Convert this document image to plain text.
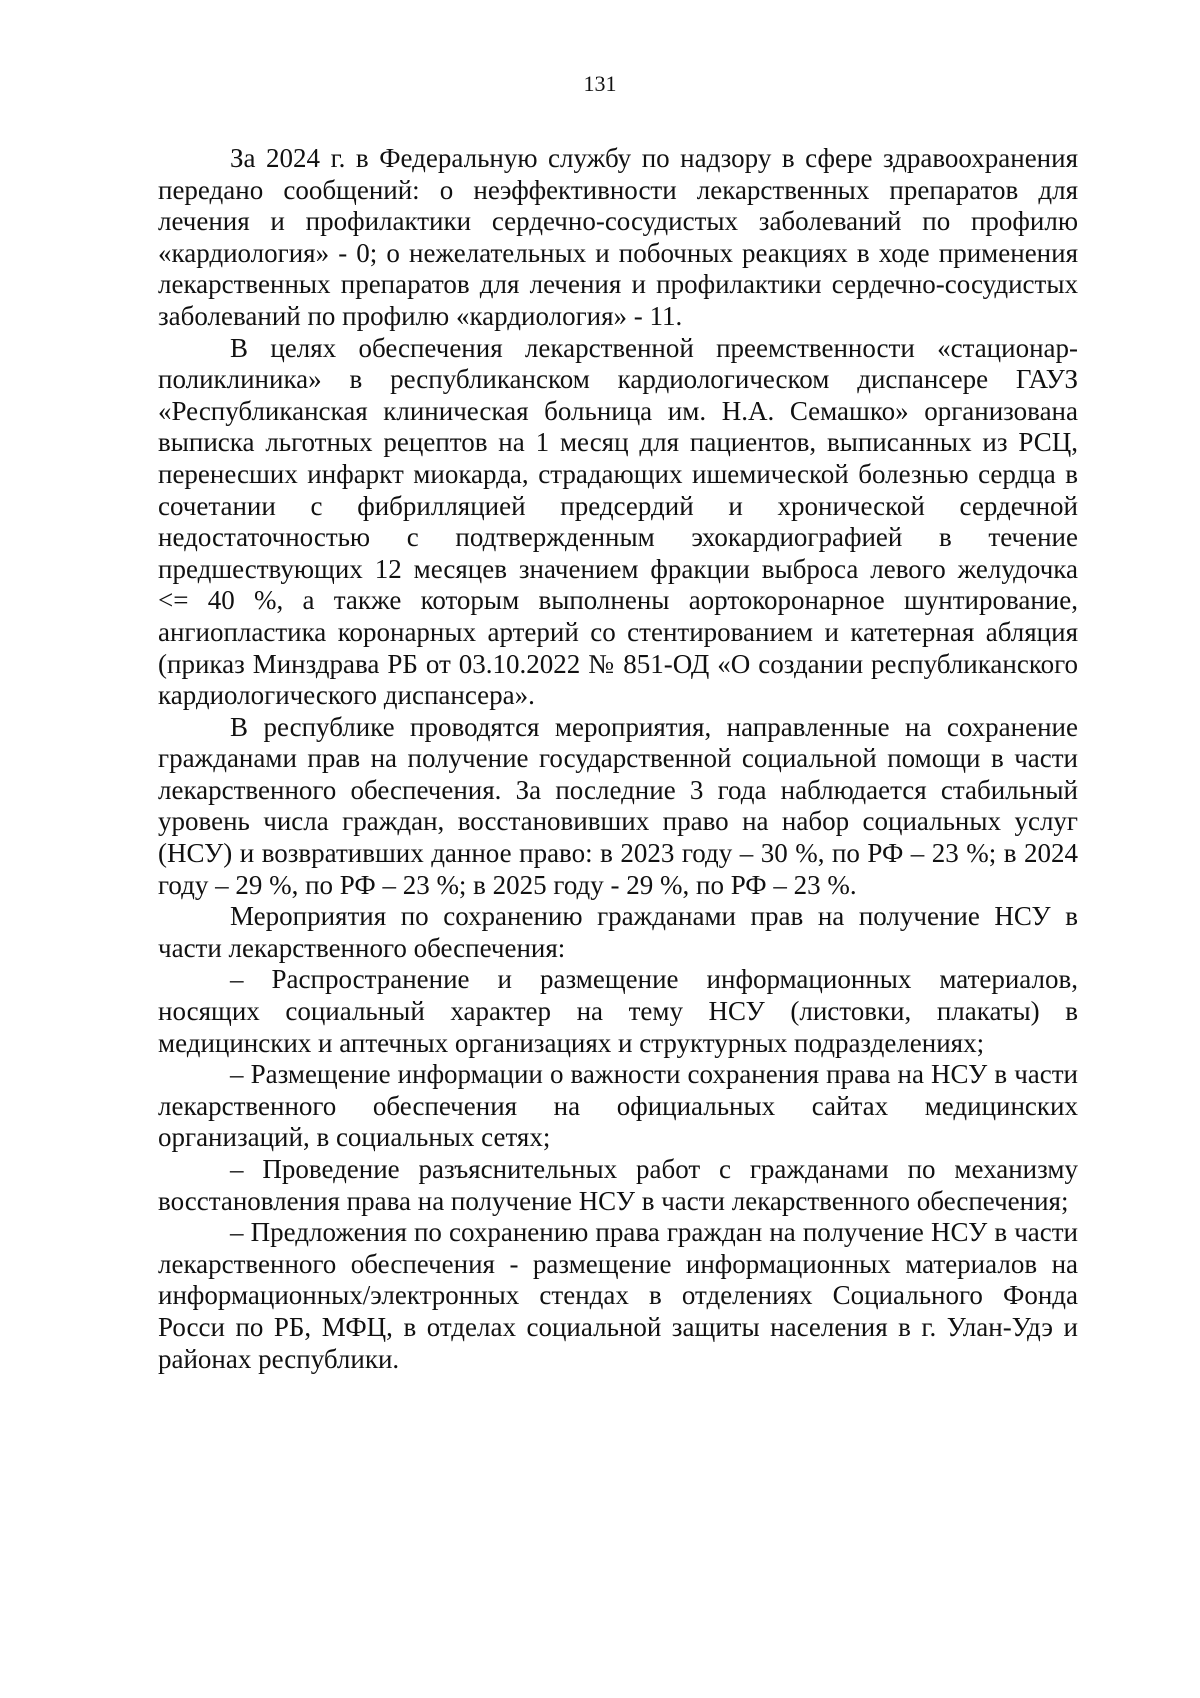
131

За 2024 г. в Федеральную службу по надзору в сфере здравоохранения передано сообщений: о неэффективности лекарственных препаратов для лечения и профилактики сердечно-сосудистых заболеваний по профилю «кардиология» - 0; о нежелательных и побочных реакциях в ходе применения лекарственных препаратов для лечения и профилактики сердечно-сосудистых заболеваний по профилю «кардиология» - 11.

В целях обеспечения лекарственной преемственности «стационар-поликлиника» в республиканском кардиологическом диспансере ГАУЗ «Республиканская клиническая больница им. Н.А. Семашко» организована выписка льготных рецептов на 1 месяц для пациентов, выписанных из РСЦ, перенесших инфаркт миокарда, страдающих ишемической болезнью сердца в сочетании с фибрилляцией предсердий и хронической сердечной недостаточностью с подтвержденным эхокардиографией в течение предшествующих 12 месяцев значением фракции выброса левого желудочка <= 40 %, а также которым выполнены аортокоронарное шунтирование, ангиопластика коронарных артерий со стентированием и катетерная абляция (приказ Минздрава РБ от 03.10.2022 № 851-ОД «О создании республиканского кардиологического диспансера».

В республике проводятся мероприятия, направленные на сохранение гражданами прав на получение государственной социальной помощи в части лекарственного обеспечения. За последние 3 года наблюдается стабильный уровень числа граждан, восстановивших право на набор социальных услуг (НСУ) и возвративших данное право: в 2023 году – 30 %, по РФ – 23 %; в 2024 году – 29 %, по РФ – 23 %; в 2025 году - 29 %, по РФ – 23 %.

Мероприятия по сохранению гражданами прав на получение НСУ в части лекарственного обеспечения:

– Распространение и размещение информационных материалов, носящих социальный характер на тему НСУ (листовки, плакаты) в медицинских и аптечных организациях и структурных подразделениях;

– Размещение информации о важности сохранения права на НСУ в части лекарственного обеспечения на официальных сайтах медицинских организаций, в социальных сетях;

– Проведение разъяснительных работ с гражданами по механизму восстановления права на получение НСУ в части лекарственного обеспечения;

– Предложения по сохранению права граждан на получение НСУ в части лекарственного обеспечения - размещение информационных материалов на информационных/электронных стендах в отделениях Социального Фонда Росси по РБ, МФЦ, в отделах социальной защиты населения в г. Улан-Удэ и районах республики.
